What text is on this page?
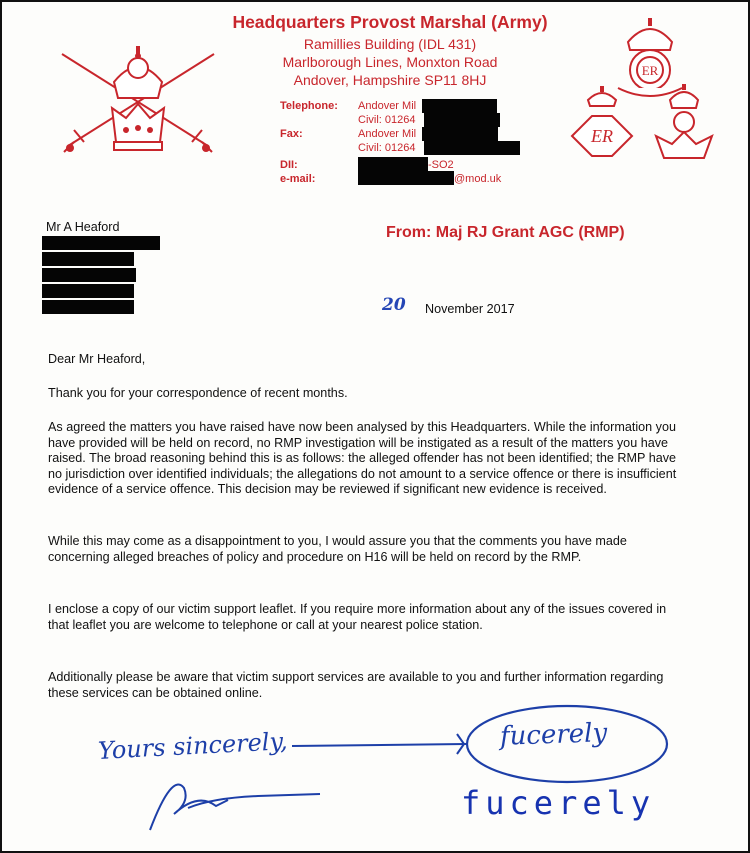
ER
ER
Headquarters Provost Marshal (Army)
Ramillies Building (IDL 431)
Marlborough Lines, Monxton Road
Andover, Hampshire SP11 8HJ
Telephone: Andover Mil
Civil: 01264
Fax:	Andover Mil
Civil: 01264
DII:	-SO2
e-mail:	@mod.uk
Mr A Heaford	From: Maj RJ Grant AGC (RMP)
20 November 2017
Dear Mr Heaford,
Thank you for your correspondence of recent months.
As agreed the matters you have raised have now been analysed by this Headquarters. While the information you have provided will be held on record, no RMP investigation will be instigated as a result of the matters you have raised. The broad reasoning behind this is as follows: the alleged offender has not been identified; the RMP have no jurisdiction over identified individuals; the allegations do not amount to a service offence or there is insufficient evidence of a service offence. This decision may be reviewed if significant new evidence is received.
While this may come as a disappointment to you, I would assure you that the comments you have made concerning alleged breaches of policy and procedure on H16 will be held on record by the RMP.
I enclose a copy of our victim support leaflet. If you require more information about any of the issues covered in that leaflet you are welcome to telephone or call at your nearest police station.
Additionally please be aware that victim support services are available to you and further information regarding these services can be obtained online.
Yours sincerely,	fucerely
fucerely
